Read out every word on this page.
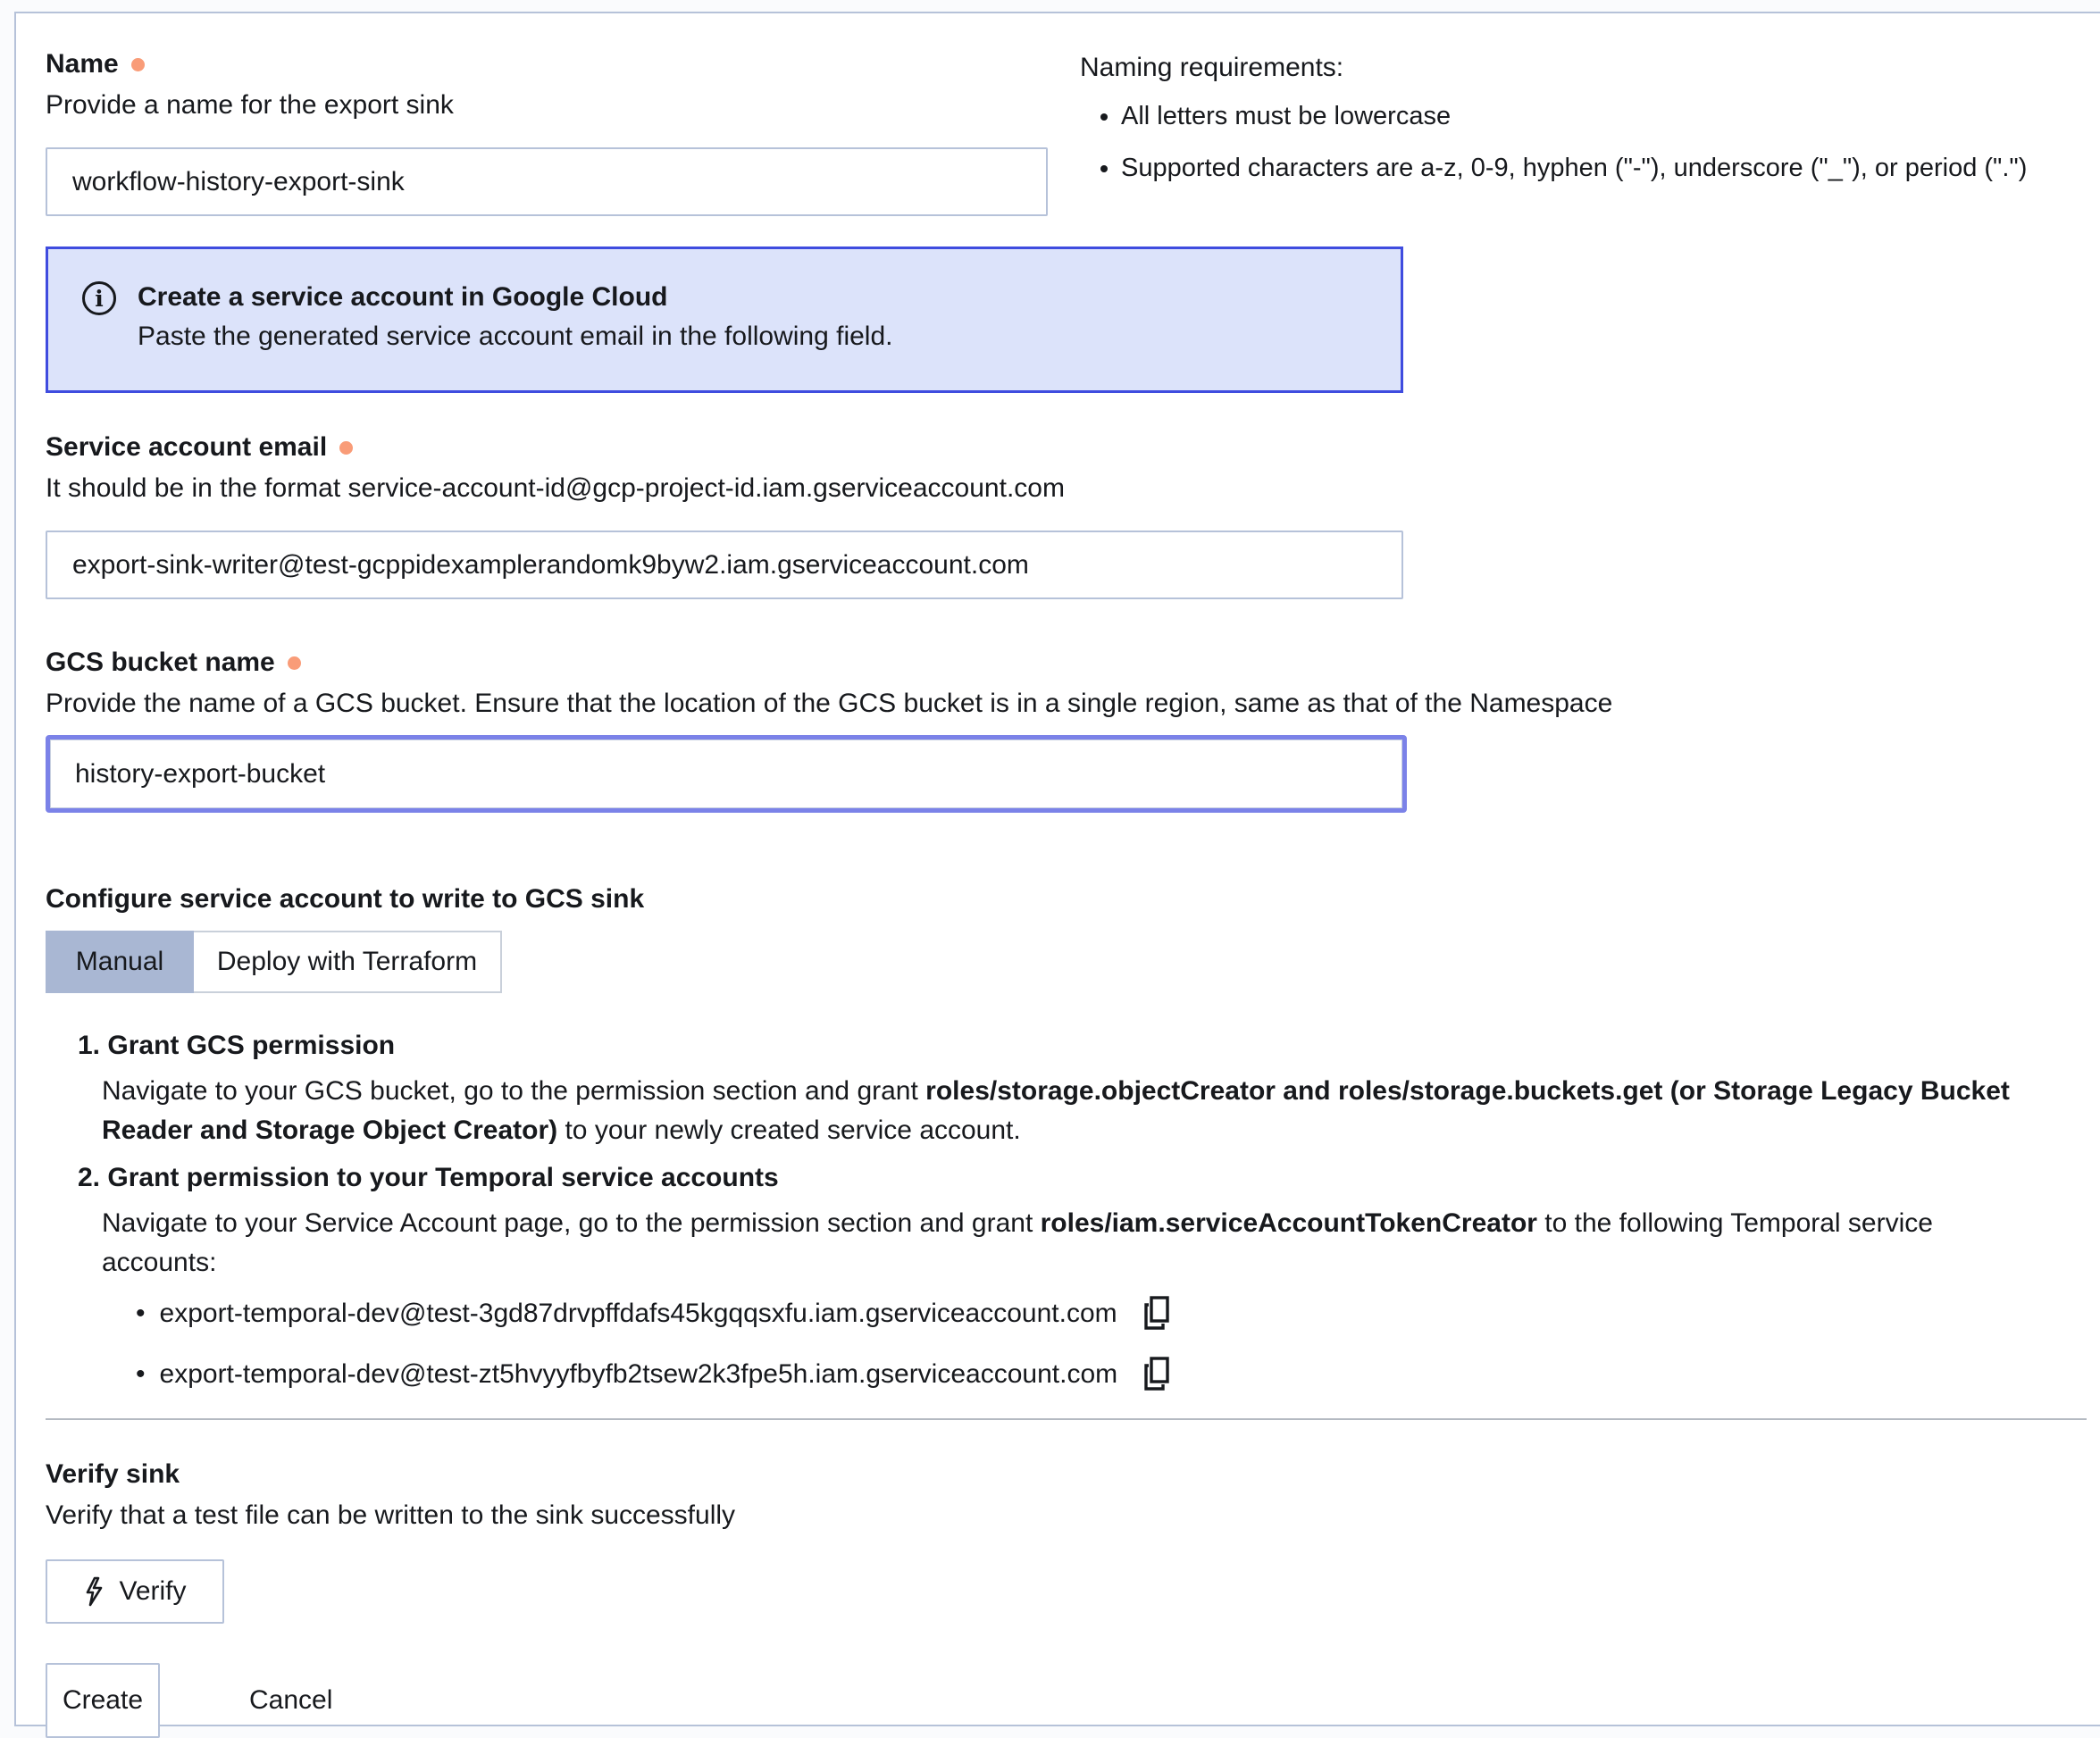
Name
Provide a name for the export sink
workflow-history-export-sink
Naming requirements:
• All letters must be lowercase
• Supported characters are a-z, 0-9, hyphen ("-"), underscore ("_"), or period (".")
i	Create a service account in Google Cloud
Paste the generated service account email in the following field.
Service account email
It should be in the format service-account-id@gcp-project-id.iam.gserviceaccount.com
export-sink-writer@test-gcppidexamplerandomk9byw2.iam.gserviceaccount.com
GCS bucket name
Provide the name of a GCS bucket. Ensure that the location of the GCS bucket is in a single region, same as that of the Namespace
history-export-bucket
Configure service account to write to GCS sink
Manual Deploy with Terraform
1. Grant GCS permission
Navigate to your GCS bucket, go to the permission section and grant roles/storage.objectCreator and roles/storage.buckets.get (or Storage Legacy Bucket Reader and Storage Object Creator) to your newly created service account.
2. Grant permission to your Temporal service accounts
Navigate to your Service Account page, go to the permission section and grant roles/iam.serviceAccountTokenCreator to the following Temporal service accounts:
• export-temporal-dev@test-3gd87drvpffdafs45kgqqsxfu.iam.gserviceaccount.com
• export-temporal-dev@test-zt5hvyyfbyfb2tsew2k3fpe5h.iam.gserviceaccount.com
Verify sink
Verify that a test file can be written to the sink successfully
Verify
Create	Cancel
